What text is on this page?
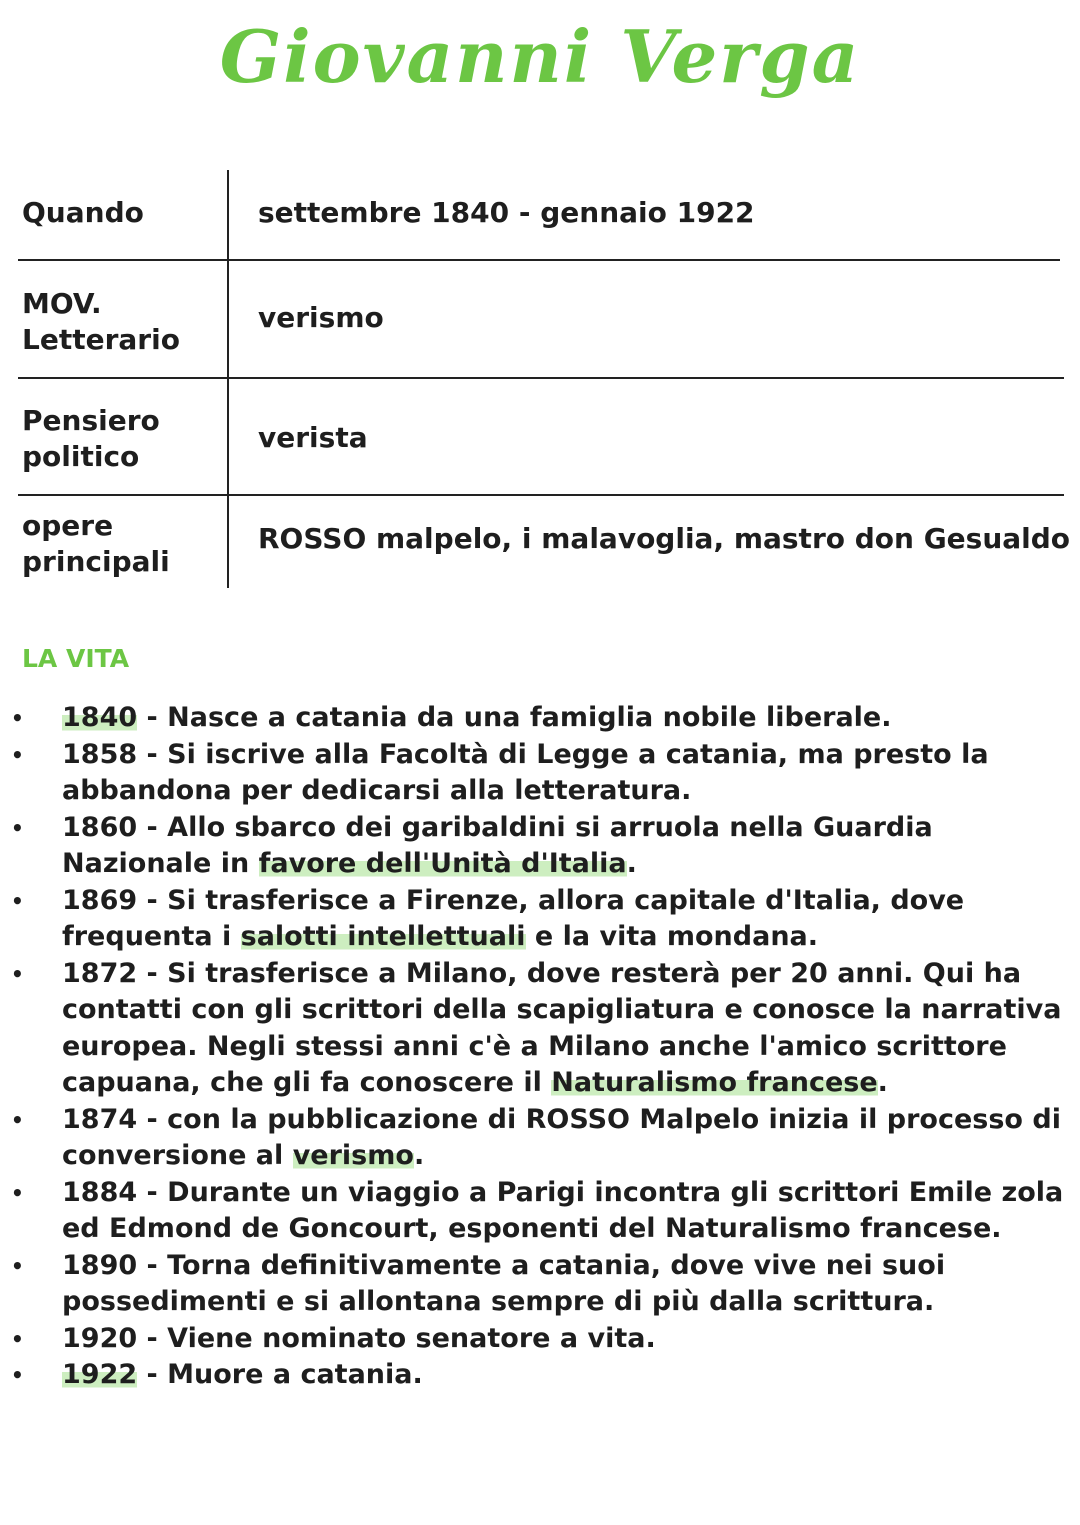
Giovanni Verga
Quando	settembre 1840 - gennaio 1922
MOV. Letterario
verismo
Pensiero politico
verista
opere principali
ROSSO malpelo, i malavoglia, mastro don Gesualdo
LA VITA
• 1840 - Nasce a catania da una famiglia nobile liberale.
• 1858 - Si iscrive alla Facoltà di Legge a catania, ma presto la abbandona per dedicarsi alla letteratura.
• 1860 - Allo sbarco dei garibaldini si arruola nella Guardia Nazionale in favore dell'Unità d'Italia.
• 1869 - Si trasferisce a Firenze, allora capitale d'Italia, dove frequenta i salotti intellettuali e la vita mondana.
• 1872 - Si trasferisce a Milano, dove resterà per 20 anni. Qui ha contatti con gli scrittori della scapigliatura e conosce la narrativa europea. Negli stessi anni c'è a Milano anche l'amico scrittore capuana, che gli fa conoscere il Naturalismo francese.
• 1874 - con la pubblicazione di ROSSO Malpelo inizia il processo di conversione al verismo.
• 1884 - Durante un viaggio a Parigi incontra gli scrittori Emile zola ed Edmond de Goncourt, esponenti del Naturalismo francese.
• 1890 - Torna definitivamente a catania, dove vive nei suoi possedimenti e si allontana sempre di più dalla scrittura.
• 1920 - Viene nominato senatore a vita.
• 1922 - Muore a catania.
